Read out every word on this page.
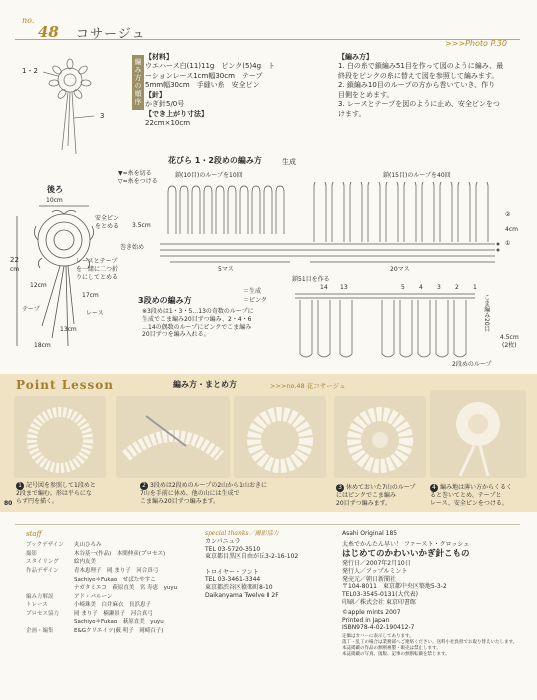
no.
48 コサージュ
>>>Photo P.30
1・2
3
編み方の順序
【材料】
ウエハース白(11)11g　ピンク(5)4g　ト
ーションレース1cm幅30cm　テープ
5mm幅30cm　手縫い糸　安全ピン
【針】
かぎ針5/0号
【でき上がり寸法】
22cm×10cm
【編み方】
1. 白の糸で鎖編み51目を作って図のように編み、最
終段をピンクの糸に替えて図を参照して編みます。
2. 鎖編み10目のループの方から巻いていき、作り
目側をとめます。
3. レースとテープを図のように止め、安全ピンをつ
けます。
花びら 1・2段めの編み方	生成
▼=糸を切る
▽=糸をつける
鎖(10目)のループを10回	鎖(15目)のループを40回
3.5cm
②
4cm
①
巻き始め
5マス	20マス
鎖51目を作る
後ろ
10cm
安全ピン
をとめる
22
cm
レースとテープ
を一緒に二つ折
りにしてとめる
12cm
17cm
テープ
レース
13cm
18cm
3段めの編み方
＝生成
＝ピンク
※3段めは1・3・5…13の奇数のループに
生成でこま編み20目ずつ編み、2・4・6
…14の偶数のループにピンクでこま編み
20目ずつを編み入れる。
14 13	5 4 3 2 1
こま編み20目
4.5cm
(2枚)
2段めのループ
Point Lesson	編み方・まとめ方	>>>no.48 花コサージュ
1 記号図を参照して1段めと
2段まで編む。形は平らにな
らず円を描く。
2 3段めは2段めのループの2山から1山おきに
7山を手前に休め、他の山には生成で
こま編み20目ずつ編みます。
3 休めておいた7山のループ
にはピンクでこま編み
20目ずつ編みます。
4 編み地は薄い方からくるく
ると巻いてとめ、テープと
レース、安全ピンをつける。
80
staff
ブックデザイン	丸山ひろみ
撮影	木谷基一(作品)　本間伸彦(プロセス)
スタイリング	絵内友美
作品デザイン	青木恵理子　岡 まり子　河合真弓
Sachiyo＊Fukao　せばたやすこ
ナガタミエコ　萩原直美　宮 寿恵　yuyu
編み方解説	アド・バルーン
トレース	小崎珠美　白井麻衣　長浜恵子
プロセス協力	岡 まり子　楠瀬景子　河合真弓
Sachiyo＊Fukao　萩原直美　yuyu
企画・編集	E&Gクリエイツ(薮 明子　岡崎百子)
special thanks／撮影協力
カンパニュラ
TEL 03-5720-3510
東京都目黒区自由が丘3-2-16-102
トロイヤー・フント
TEL 03-3461-3344
東京都渋谷区猿楽町8-10
Daikanyama Twelve Ⅱ 2F
Asahi Original 185
太糸でかんたん早い！ ファースト・クロッシェ
はじめてのかわいいかぎ針こもの
発行日／2007年2月10日
発行人／アップルミント
発売元／朝日新聞社
〒104-8011　東京都中央区築地5-3-2
TEL03-3545-0131(大代表)
印刷／株式会社 東京印書館
©apple mints 2007
Printed in Japan
ISBN978-4-02-190412-7
定価はカバーに表示してあります。
落丁・乱丁の場合は業務部へご連絡ください。送料小社負担でお取り替えいたします。
本誌掲載の作品の無断複製・販売は禁止します。
本誌掲載の写真、図版、記事の無断転載を禁じます。
